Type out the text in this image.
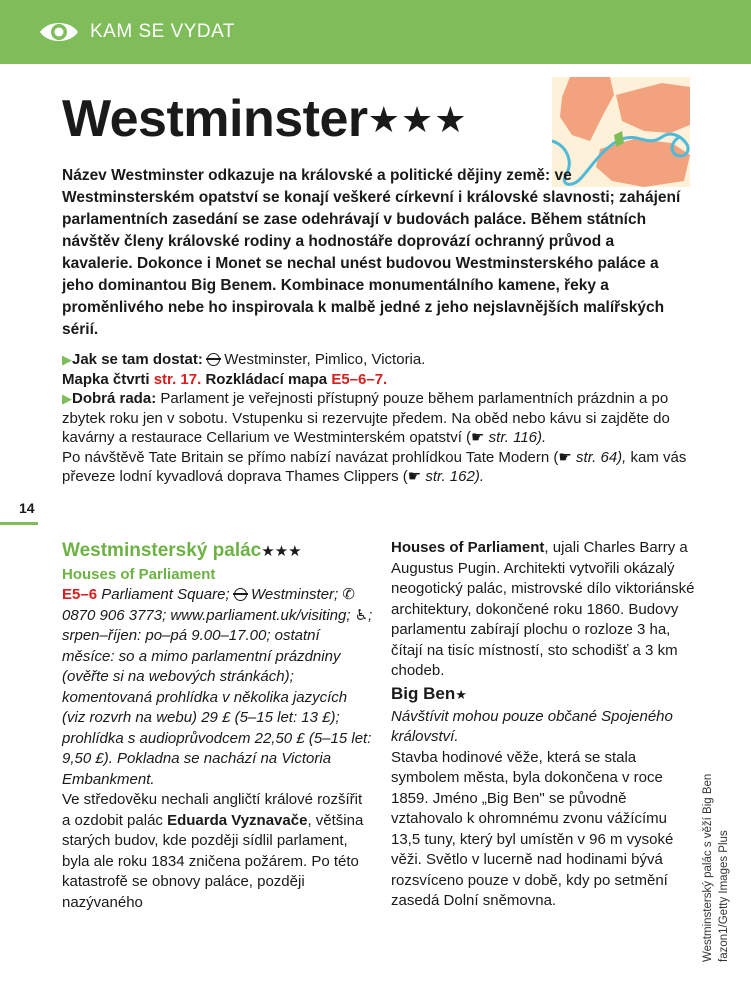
KAM SE VYDAT
Westminster★★★

Název Westminster odkazuje na královské a politické dějiny země: ve Westminsterském opatství se konají veškeré církevní i královské slavnosti; zahájení parlamentních zasedání se zase odehrávají v budovách paláce. Během státních návštěv členy královské rodiny a hodnostáře doprovází ochranný průvod a kavalerie. Dokonce i Monet se nechal unést budovou Westminsterského paláce a jeho dominantou Big Benem. Kombinace monumentálního kamene, řeky a proměnlivého nebe ho inspirovala k malbě jedné z jeho nejslavnějších malířských sérií.

▶Jak se tam dostat: Westminster, Pimlico, Victoria.

Mapka čtvrti str. 17. Rozkládací mapa E5–6–7.

▶Dobrá rada: Parlament je veřejnosti přístupný pouze během parlamentních prázdnin a po zbytek roku jen v sobotu. Vstupenku si rezervujte předem. Na oběd nebo kávu si zajděte do kavárny a restaurace Cellarium ve Westminterském opatství (☛ str. 116).

Po návštěvě Tate Britain se přímo nabízí navázat prohlídkou Tate Modern (☛ str. 64), kam vás převeze lodní kyvadlová doprava Thames Clippers (☛ str. 162).

14

Westminsterský palác★★★

Houses of Parliament

E5–6 Parliament Square; Westminster; ✆ 0870 906 3773; www.parliament.uk/visiting; ♿; srpen–říjen: po–pá 9.00–17.00; ostatní měsíce: so a mimo parlamentní prázdniny (ověřte si na webových stránkách); komentovaná prohlídka v několika jazycích (viz rozvrh na webu) 29 £ (5–15 let: 13 £); prohlídka s audioprůvodcem 22,50 £ (5–15 let: 9,50 £). Pokladna se nachází na Victoria Embankment.

Ve středověku nechali angličtí králové rozšířit a ozdobit palác Eduarda Vyznavače, většina starých budov, kde později sídlil parlament, byla ale roku 1834 zničena požárem. Po této katastrofě se obnovy paláce, později nazývaného

Houses of Parliament, ujali Charles Barry a Augustus Pugin. Architekti vytvořili okázalý neogotický palác, mistrovské dílo viktoriánské architektury, dokončené roku 1860. Budovy parlamentu zabírají plochu o rozloze 3 ha, čítají na tisíc místností, sto schodišť a 3 km chodeb.

Big Ben★

Návštívit mohou pouze občané Spojeného království.

Stavba hodinové věže, která se stala symbolem města, byla dokončena v roce 1859. Jméno „Big Ben" se původně vztahovalo k ohromnému zvonu vážícímu 13,5 tuny, který byl umístěn v 96 m vysoké věži. Světlo v lucerně nad hodinami bývá rozsvíceno pouze v době, kdy po setmění zasedá Dolní sněmovna.	Westminsterský palác s věží Big Ben fazon1/Getty Images Plus
